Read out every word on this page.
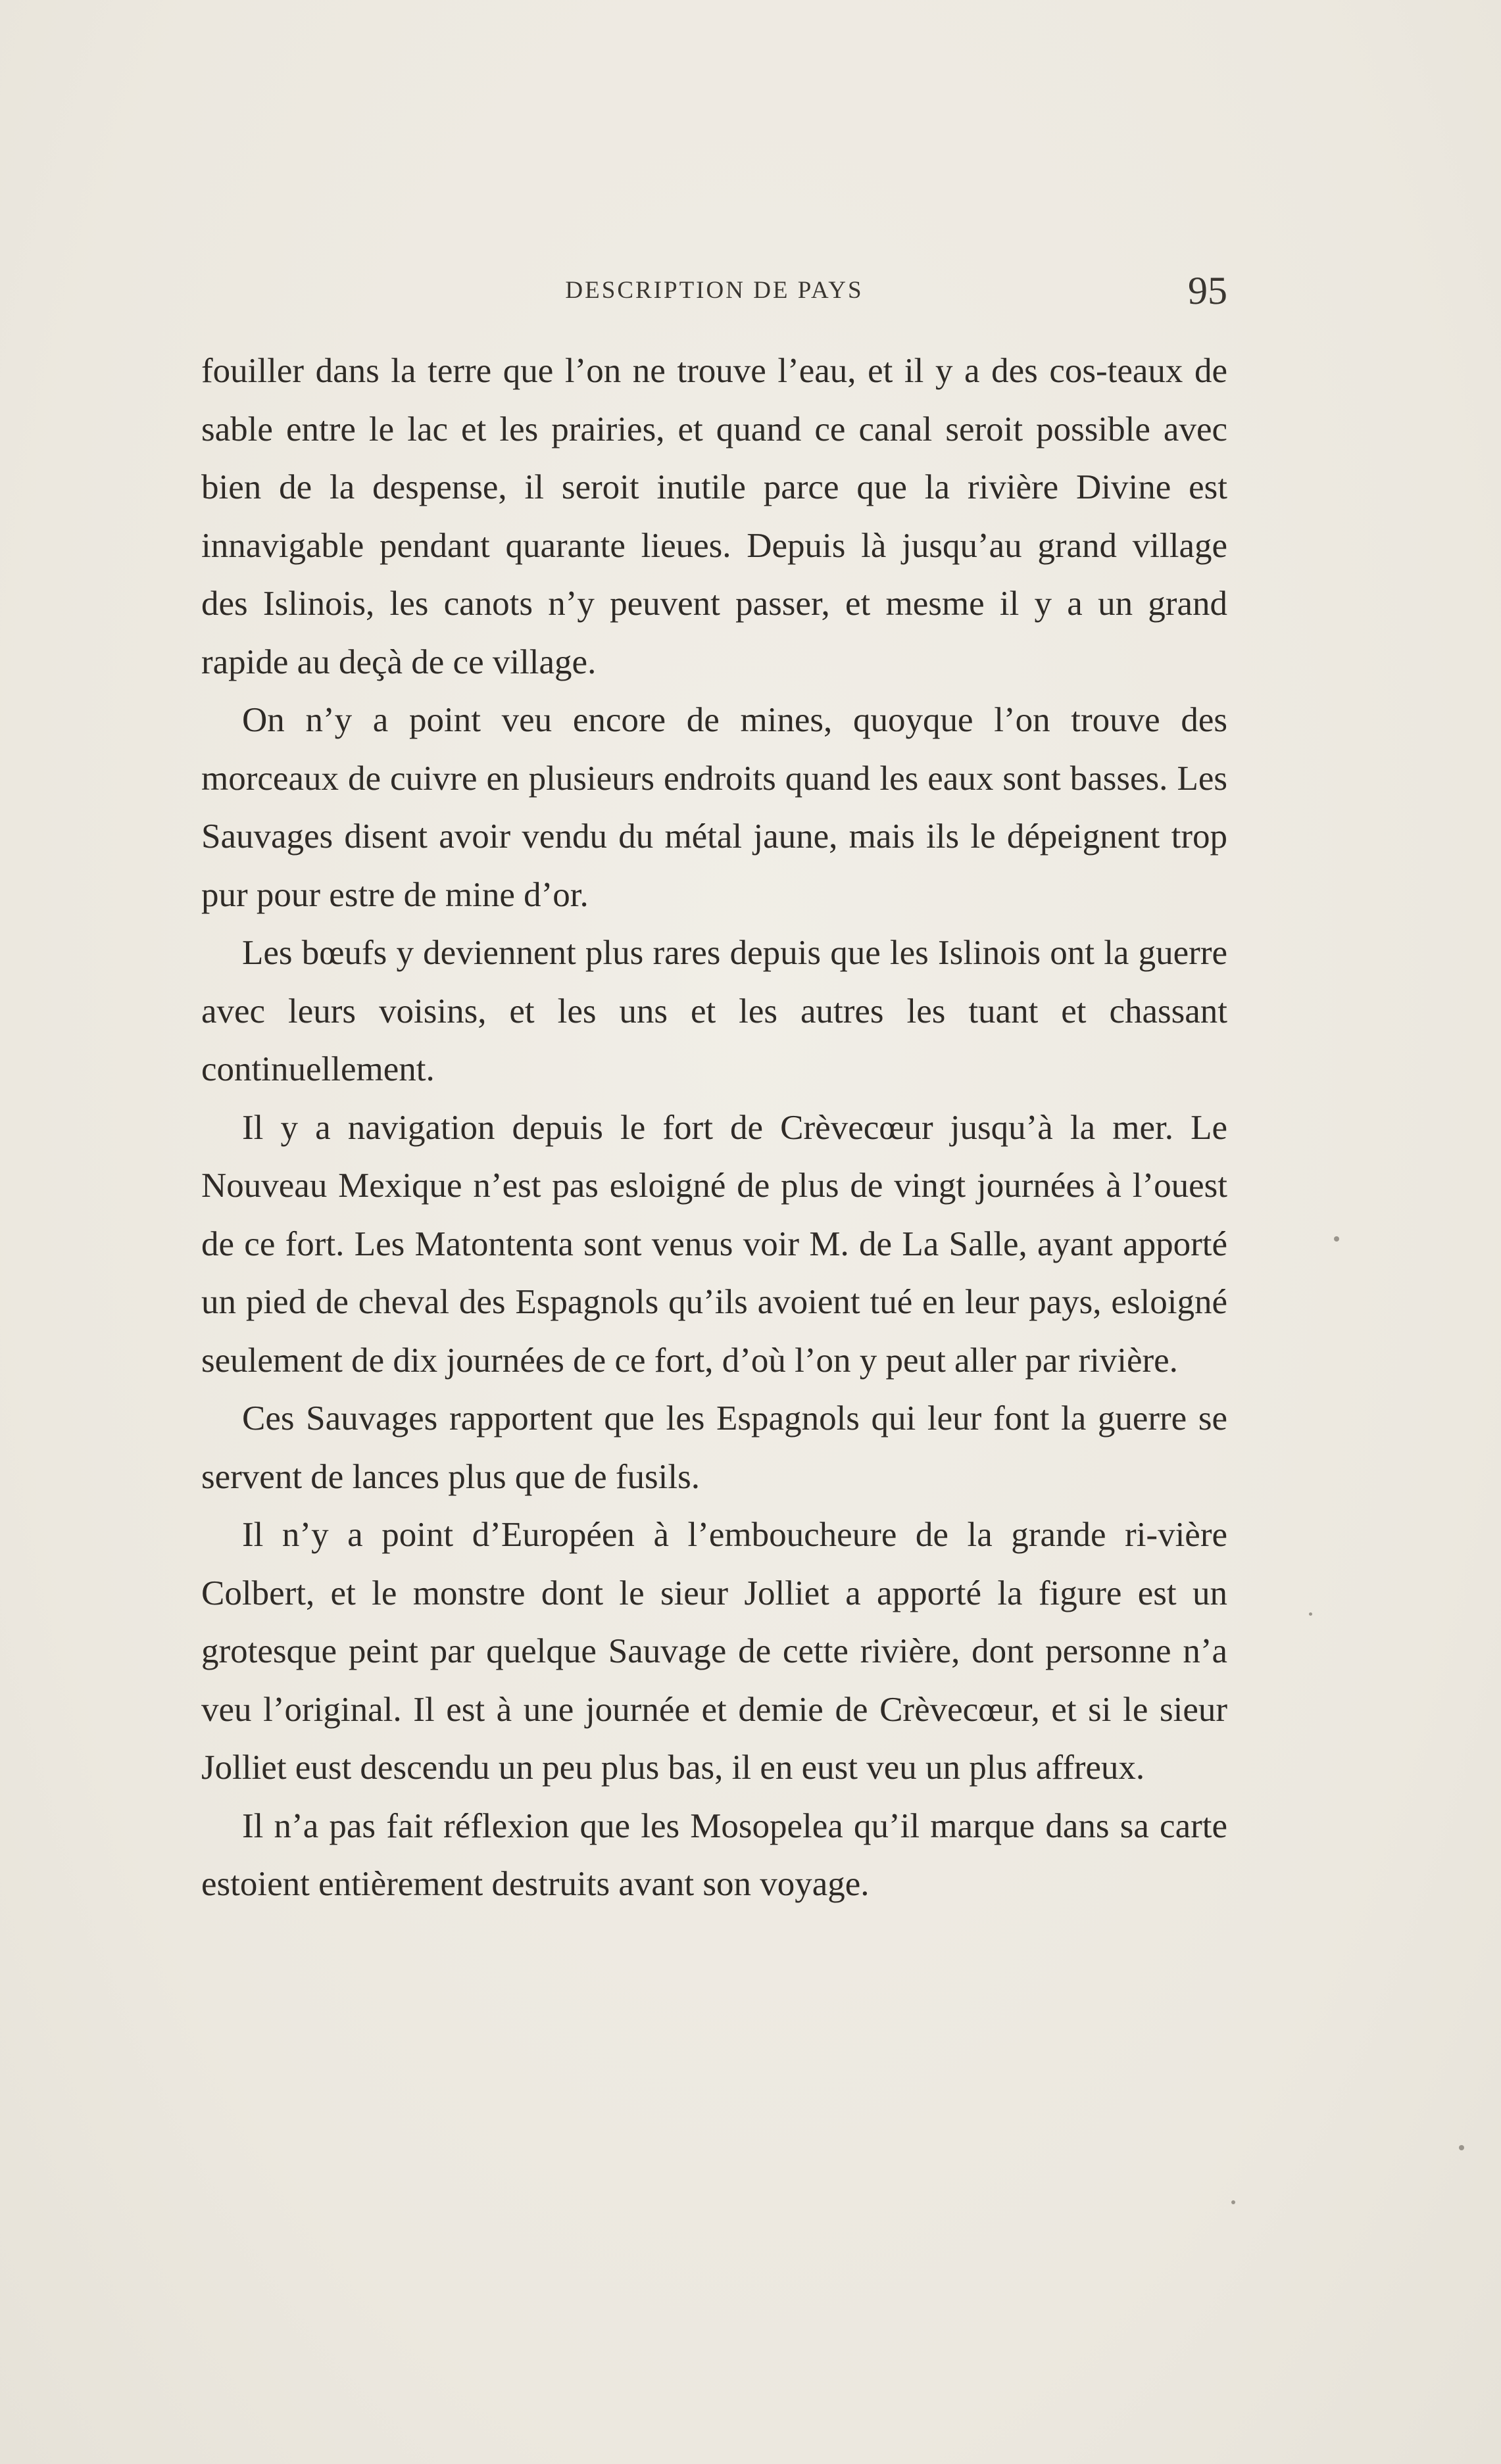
DESCRIPTION DE PAYS	95

fouiller dans la terre que l’on ne trouve l’eau, et il y a des cos-teaux de sable entre le lac et les prairies, et quand ce canal seroit possible avec bien de la despense, il seroit inutile parce que la rivière Divine est innavigable pendant quarante lieues. Depuis là jusqu’au grand village des Islinois, les canots n’y peuvent passer, et mesme il y a un grand rapide au deçà de ce village.

On n’y a point veu encore de mines, quoyque l’on trouve des morceaux de cuivre en plusieurs endroits quand les eaux sont basses. Les Sauvages disent avoir vendu du métal jaune, mais ils le dépeignent trop pur pour estre de mine d’or.

Les bœufs y deviennent plus rares depuis que les Islinois ont la guerre avec leurs voisins, et les uns et les autres les tuant et chassant continuellement.

Il y a navigation depuis le fort de Crèvecœur jusqu’à la mer. Le Nouveau Mexique n’est pas esloigné de plus de vingt journées à l’ouest de ce fort. Les Matontenta sont venus voir M. de La Salle, ayant apporté un pied de cheval des Espagnols qu’ils avoient tué en leur pays, esloigné seulement de dix journées de ce fort, d’où l’on y peut aller par rivière.

Ces Sauvages rapportent que les Espagnols qui leur font la guerre se servent de lances plus que de fusils.

Il n’y a point d’Européen à l’embouchеure de la grande ri-vière Colbert, et le monstre dont le sieur Jolliet a apporté la figure est un grotesque peint par quelque Sauvage de cette rivière, dont personne n’a veu l’original. Il est à une journée et demie de Crèvecœur, et si le sieur Jolliet eust descendu un peu plus bas, il en eust veu un plus affreux.

Il n’a pas fait réflexion que les Mosopelea qu’il marque dans sa carte estoient entièrement destruits avant son voyage.
